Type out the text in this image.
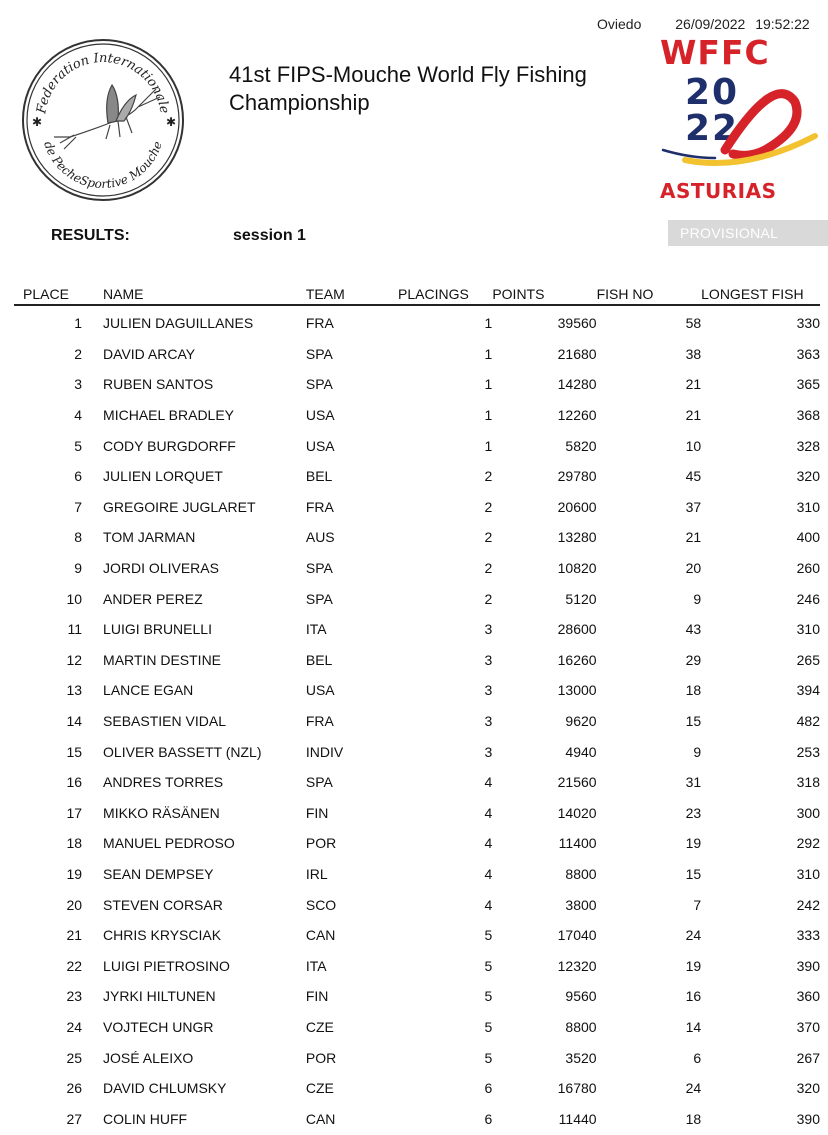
Oviedo 26/09/2022 19:52:22
Federation Internationale
de PecheSportive Mouche
✱	✱
41st FIPS-Mouche World Fly Fishing Championship
WFFC
20
22
ASTURIAS
RESULTS:	session 1	PROVISIONAL
PLACE	NAME	TEAM	PLACINGS	POINTS	FISH NO	LONGEST FISH
1	JULIEN DAGUILLANES	FRA	1	39560	58	330
2	DAVID ARCAY	SPA	1	21680	38	363
3	RUBEN SANTOS	SPA	1	14280	21	365
4	MICHAEL BRADLEY	USA	1	12260	21	368
5	CODY BURGDORFF	USA	1	5820	10	328
6	JULIEN LORQUET	BEL	2	29780	45	320
7	GREGOIRE JUGLARET	FRA	2	20600	37	310
8	TOM JARMAN	AUS	2	13280	21	400
9	JORDI OLIVERAS	SPA	2	10820	20	260
10	ANDER PEREZ	SPA	2	5120	9	246
11	LUIGI BRUNELLI	ITA	3	28600	43	310
12	MARTIN DESTINE	BEL	3	16260	29	265
13	LANCE EGAN	USA	3	13000	18	394
14	SEBASTIEN VIDAL	FRA	3	9620	15	482
15	OLIVER BASSETT (NZL)	INDIV	3	4940	9	253
16	ANDRES TORRES	SPA	4	21560	31	318
17	MIKKO RÄSÄNEN	FIN	4	14020	23	300
18	MANUEL PEDROSO	POR	4	11400	19	292
19	SEAN DEMPSEY	IRL	4	8800	15	310
20	STEVEN CORSAR	SCO	4	3800	7	242
21	CHRIS KRYSCIAK	CAN	5	17040	24	333
22	LUIGI PIETROSINO	ITA	5	12320	19	390
23	JYRKI HILTUNEN	FIN	5	9560	16	360
24	VOJTECH UNGR	CZE	5	8800	14	370
25	JOSÉ ALEIXO	POR	5	3520	6	267
26	DAVID CHLUMSKY	CZE	6	16780	24	320
27	COLIN HUFF	CAN	6	11440	18	390
